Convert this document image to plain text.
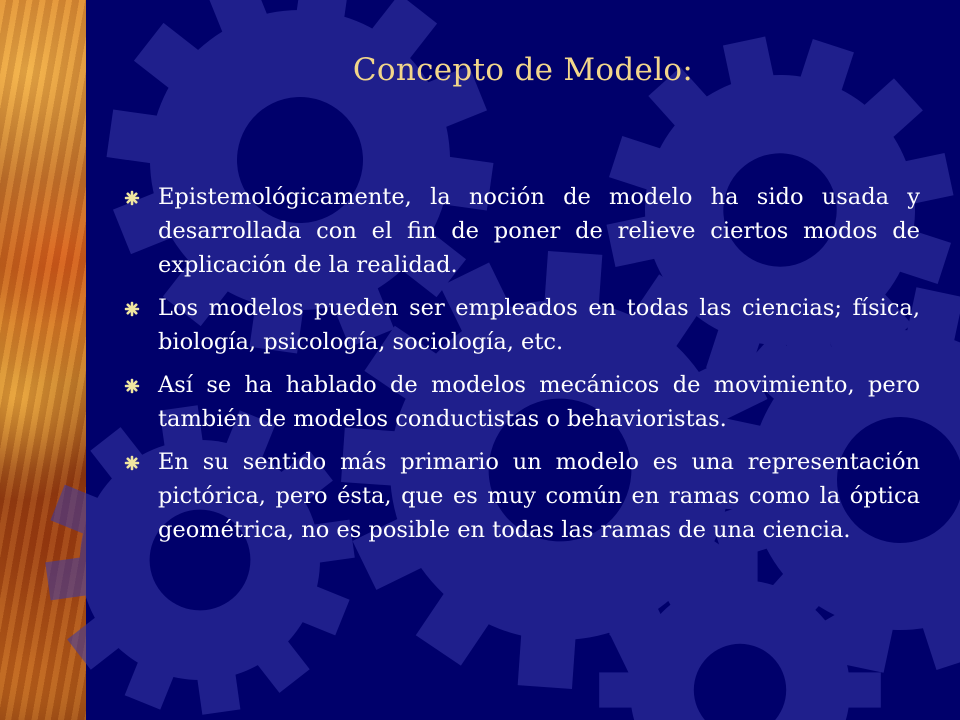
Concepto de Modelo:
Epistemológicamente, la noción de modelo ha sido usada y desarrollada con el fin de poner de relieve ciertos modos de explicación de la realidad.
Los modelos pueden ser empleados en todas las ciencias; física, biología, psicología, sociología, etc.
Así se ha hablado de modelos mecánicos de movimiento, pero también de modelos conductistas o behavioristas.
En su sentido más primario un modelo es una representación pictórica, pero ésta, que es muy común en ramas como la óptica geométrica, no es posible en todas las ramas de una ciencia.
